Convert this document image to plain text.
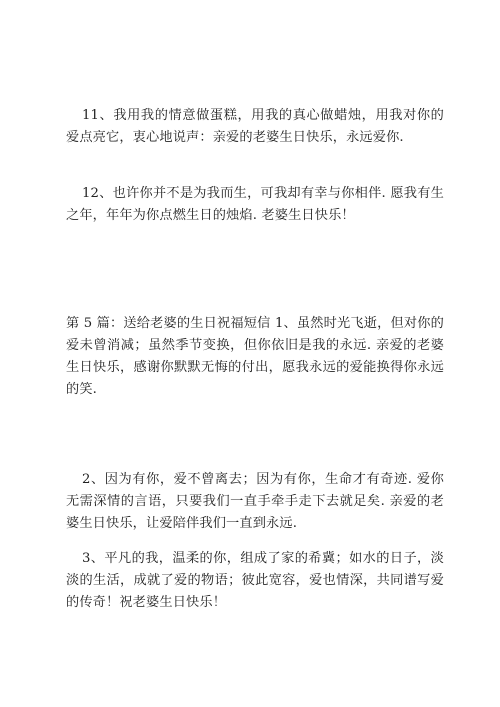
11、我用我的情意做蛋糕，用我的真心做蜡烛，用我对你的爱点亮它，衷心地说声：亲爱的老婆生日快乐，永远爱你.

12、也许你并不是为我而生，可我却有幸与你相伴. 愿我有生之年，年年为你点燃生日的烛焰. 老婆生日快乐！

第 5 篇：送给老婆的生日祝福短信 1、虽然时光飞逝，但对你的爱未曾消减；虽然季节变换，但你依旧是我的永远. 亲爱的老婆生日快乐，感谢你默默无悔的付出，愿我永远的爱能换得你永远的笑.

2、因为有你，爱不曾离去；因为有你，生命才有奇迹. 爱你无需深情的言语，只要我们一直手牵手走下去就足矣. 亲爱的老婆生日快乐，让爱陪伴我们一直到永远.

3、平凡的我，温柔的你，组成了家的希冀；如水的日子，淡淡的生活，成就了爱的物语；彼此宽容，爱也情深，共同谱写爱的传奇！祝老婆生日快乐！
